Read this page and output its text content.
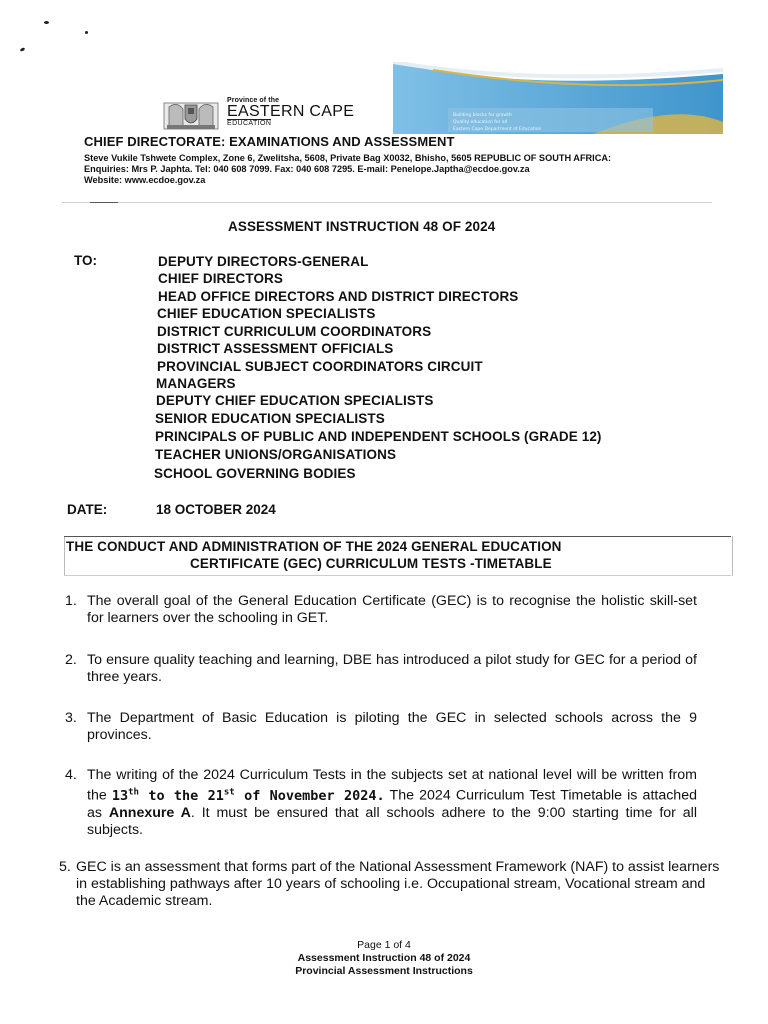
Province of the
EASTERN CAPE
EDUCATION
Building blocks for growth
Quality education for all
Eastern Cape Department of Education
CHIEF DIRECTORATE: EXAMINATIONS AND ASSESSMENT
Steve Vukile Tshwete Complex, Zone 6, Zwelitsha, 5608, Private Bag X0032, Bhisho, 5605 REPUBLIC OF SOUTH AFRICA:
Enquiries: Mrs P. Japhta. Tel: 040 608 7099. Fax: 040 608 7295. E-mail: Penelope.Japtha@ecdoe.gov.za
Website: www.ecdoe.gov.za
ASSESSMENT INSTRUCTION 48 OF 2024
TO:	DEPUTY DIRECTORS-GENERAL
CHIEF DIRECTORS
HEAD OFFICE DIRECTORS AND DISTRICT DIRECTORS
CHIEF EDUCATION SPECIALISTS
DISTRICT CURRICULUM COORDINATORS
DISTRICT ASSESSMENT OFFICIALS
PROVINCIAL SUBJECT COORDINATORS CIRCUIT
MANAGERS
DEPUTY CHIEF EDUCATION SPECIALISTS
SENIOR EDUCATION SPECIALISTS
PRINCIPALS OF PUBLIC AND INDEPENDENT SCHOOLS (GRADE 12)
TEACHER UNIONS/ORGANISATIONS
SCHOOL GOVERNING BODIES
DATE:	18 OCTOBER 2024
THE CONDUCT AND ADMINISTRATION OF THE 2024 GENERAL EDUCATION
CERTIFICATE (GEC) CURRICULUM TESTS -TIMETABLE
1. The overall goal of the General Education Certificate (GEC) is to recognise the holistic skill-set for learners over the schooling in GET.
2. To ensure quality teaching and learning, DBE has introduced a pilot study for GEC for a period of three years.
3. The Department of Basic Education is piloting the GEC in selected schools across the 9 provinces.
4. The writing of the 2024 Curriculum Tests in the subjects set at national level will be written from the 13th to the 21st of November 2024. The 2024 Curriculum Test Timetable is attached as Annexure A. It must be ensured that all schools adhere to the 9:00 starting time for all subjects.
5. GEC is an assessment that forms part of the National Assessment Framework (NAF) to assist learners in establishing pathways after 10 years of schooling i.e. Occupational stream, Vocational stream and the Academic stream.
Page 1 of 4
Assessment Instruction 48 of 2024
Provincial Assessment Instructions
